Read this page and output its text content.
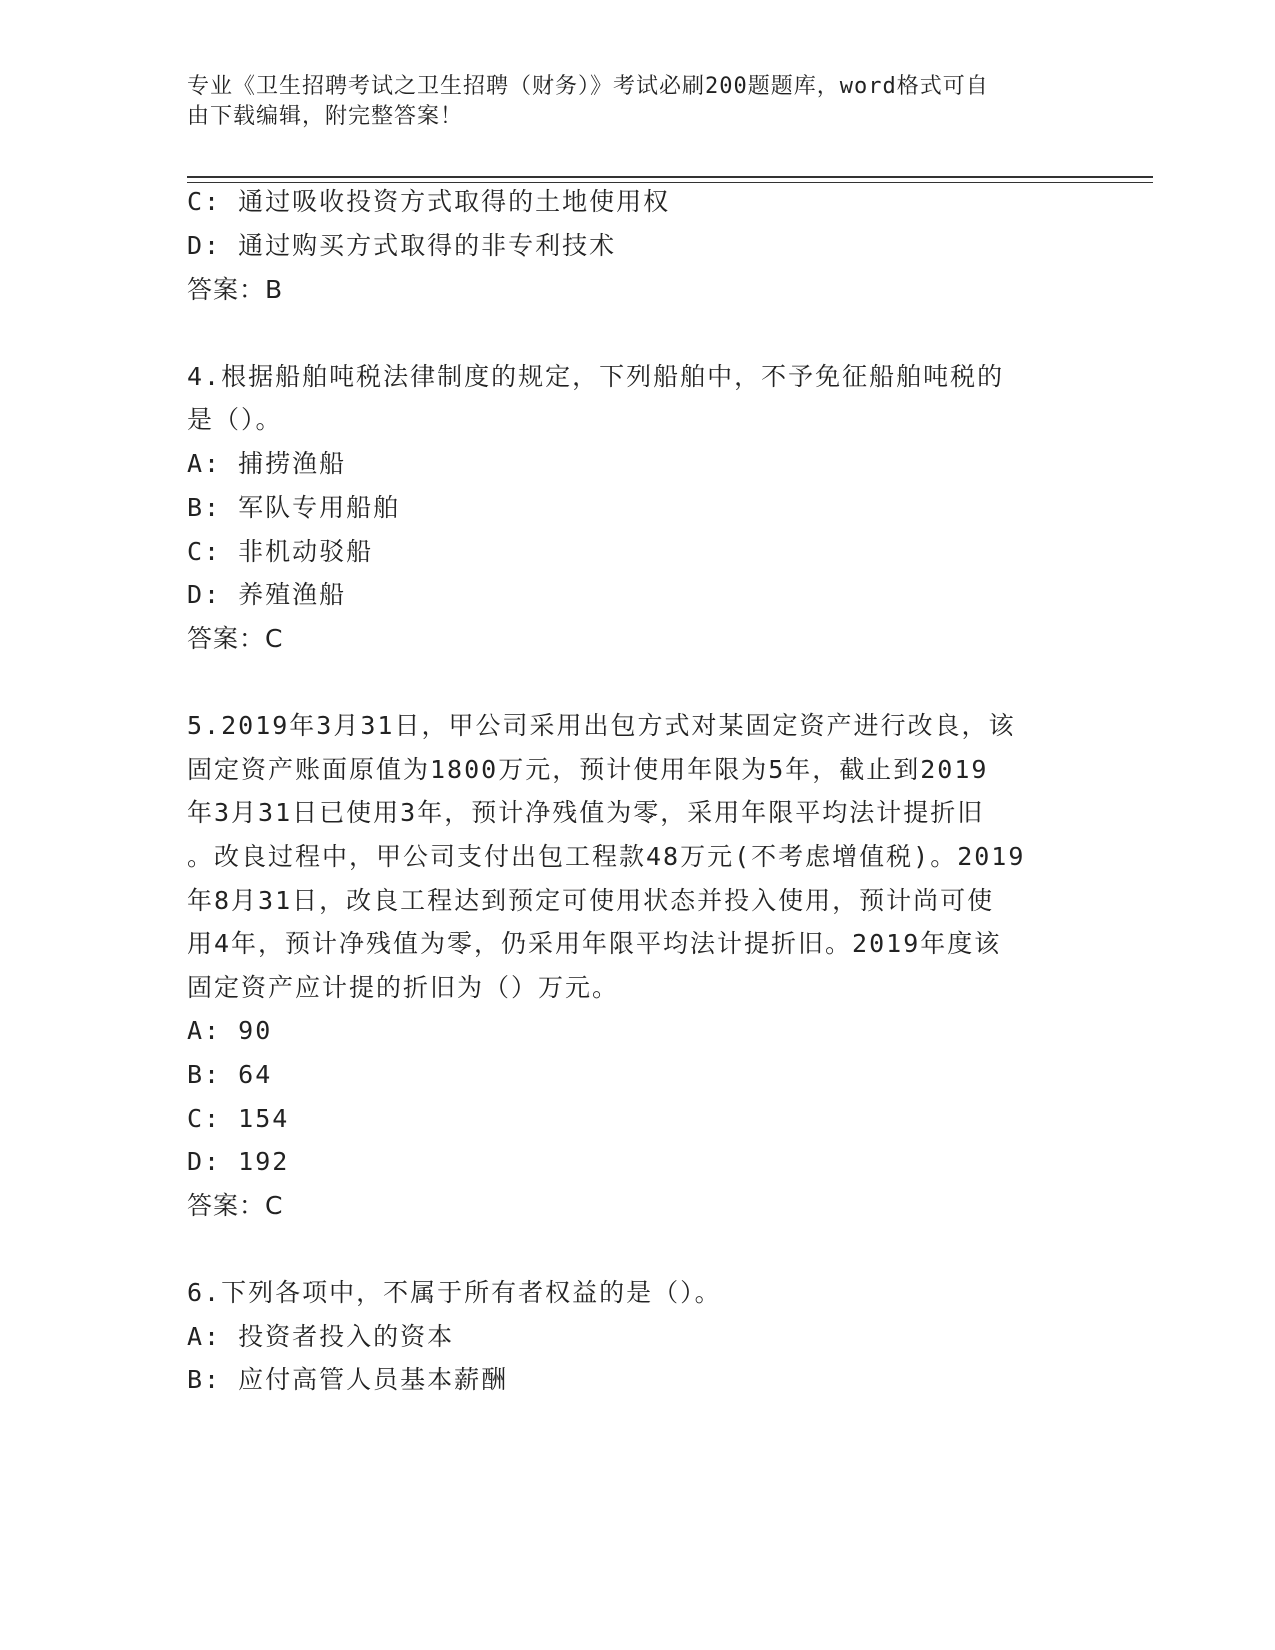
专业《卫生招聘考试之卫生招聘（财务）》考试必刷200题题库，word格式可自
由下载编辑，附完整答案！
C: 通过吸收投资方式取得的土地使用权
D: 通过购买方式取得的非专利技术
答案：B
4.根据船舶吨税法律制度的规定，下列船舶中，不予免征船舶吨税的
是（）。
A: 捕捞渔船
B: 军队专用船舶
C: 非机动驳船
D: 养殖渔船
答案：C
5.2019年3月31日，甲公司采用出包方式对某固定资产进行改良，该
固定资产账面原值为1800万元，预计使用年限为5年，截止到2019
年3月31日已使用3年，预计净残值为零，采用年限平均法计提折旧
。改良过程中，甲公司支付出包工程款48万元(不考虑增值税)。2019
年8月31日，改良工程达到预定可使用状态并投入使用，预计尚可使
用4年，预计净残值为零，仍采用年限平均法计提折旧。2019年度该
固定资产应计提的折旧为（）万元。
A: 90
B: 64
C: 154
D: 192
答案：C
6.下列各项中，不属于所有者权益的是（）。
A: 投资者投入的资本
B: 应付高管人员基本薪酬
